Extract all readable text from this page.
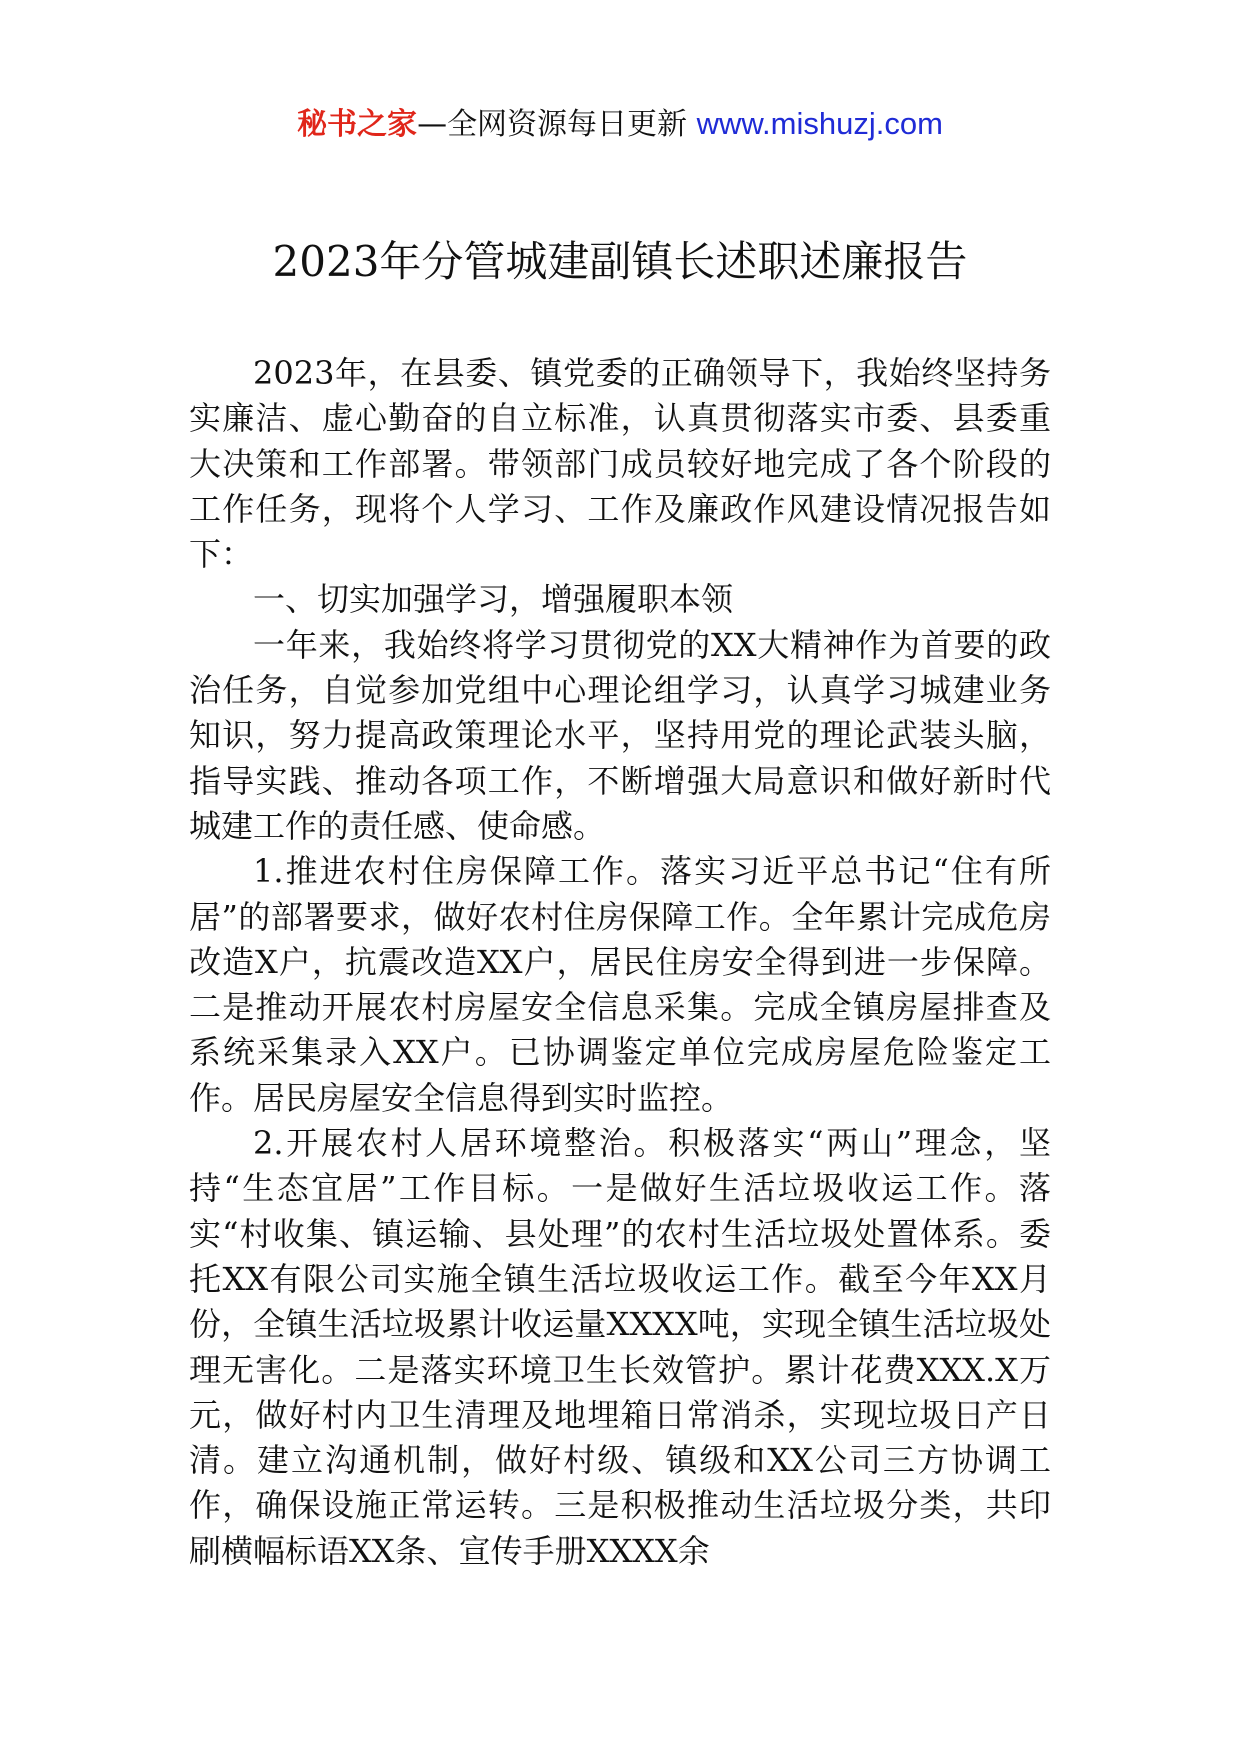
秘书之家—全网资源每日更新 www.mishuzj.com
2023年分管城建副镇长述职述廉报告

2023年，在县委、镇党委的正确领导下，我始终坚持务实廉洁、虚心勤奋的自立标准，认真贯彻落实市委、县委重大决策和工作部署。带领部门成员较好地完成了各个阶段的工作任务，现将个人学习、工作及廉政作风建设情况报告如下：

一、切实加强学习，增强履职本领

一年来，我始终将学习贯彻党的XX大精神作为首要的政治任务，自觉参加党组中心理论组学习，认真学习城建业务知识，努力提高政策理论水平，坚持用党的理论武装头脑，指导实践、推动各项工作，不断增强大局意识和做好新时代城建工作的责任感、使命感。

1.推进农村住房保障工作。落实习近平总书记“住有所居”的部署要求，做好农村住房保障工作。全年累计完成危房改造X户，抗震改造XX户，居民住房安全得到进一步保障。二是推动开展农村房屋安全信息采集。完成全镇房屋排查及系统采集录入XX户。已协调鉴定单位完成房屋危险鉴定工作。居民房屋安全信息得到实时监控。

2.开展农村人居环境整治。积极落实“两山”理念，坚持“生态宜居”工作目标。一是做好生活垃圾收运工作。落实“村收集、镇运输、县处理”的农村生活垃圾处置体系。委托XX有限公司实施全镇生活垃圾收运工作。截至今年XX月份，全镇生活垃圾累计收运量XXXX吨，实现全镇生活垃圾处理无害化。二是落实环境卫生长效管护。累计花费XXX.X万元，做好村内卫生清理及地埋箱日常消杀，实现垃圾日产日清。建立沟通机制，做好村级、镇级和XX公司三方协调工作，确保设施正常运转。三是积极推动生活垃圾分类，共印刷横幅标语XX条、宣传手册XXXX余
